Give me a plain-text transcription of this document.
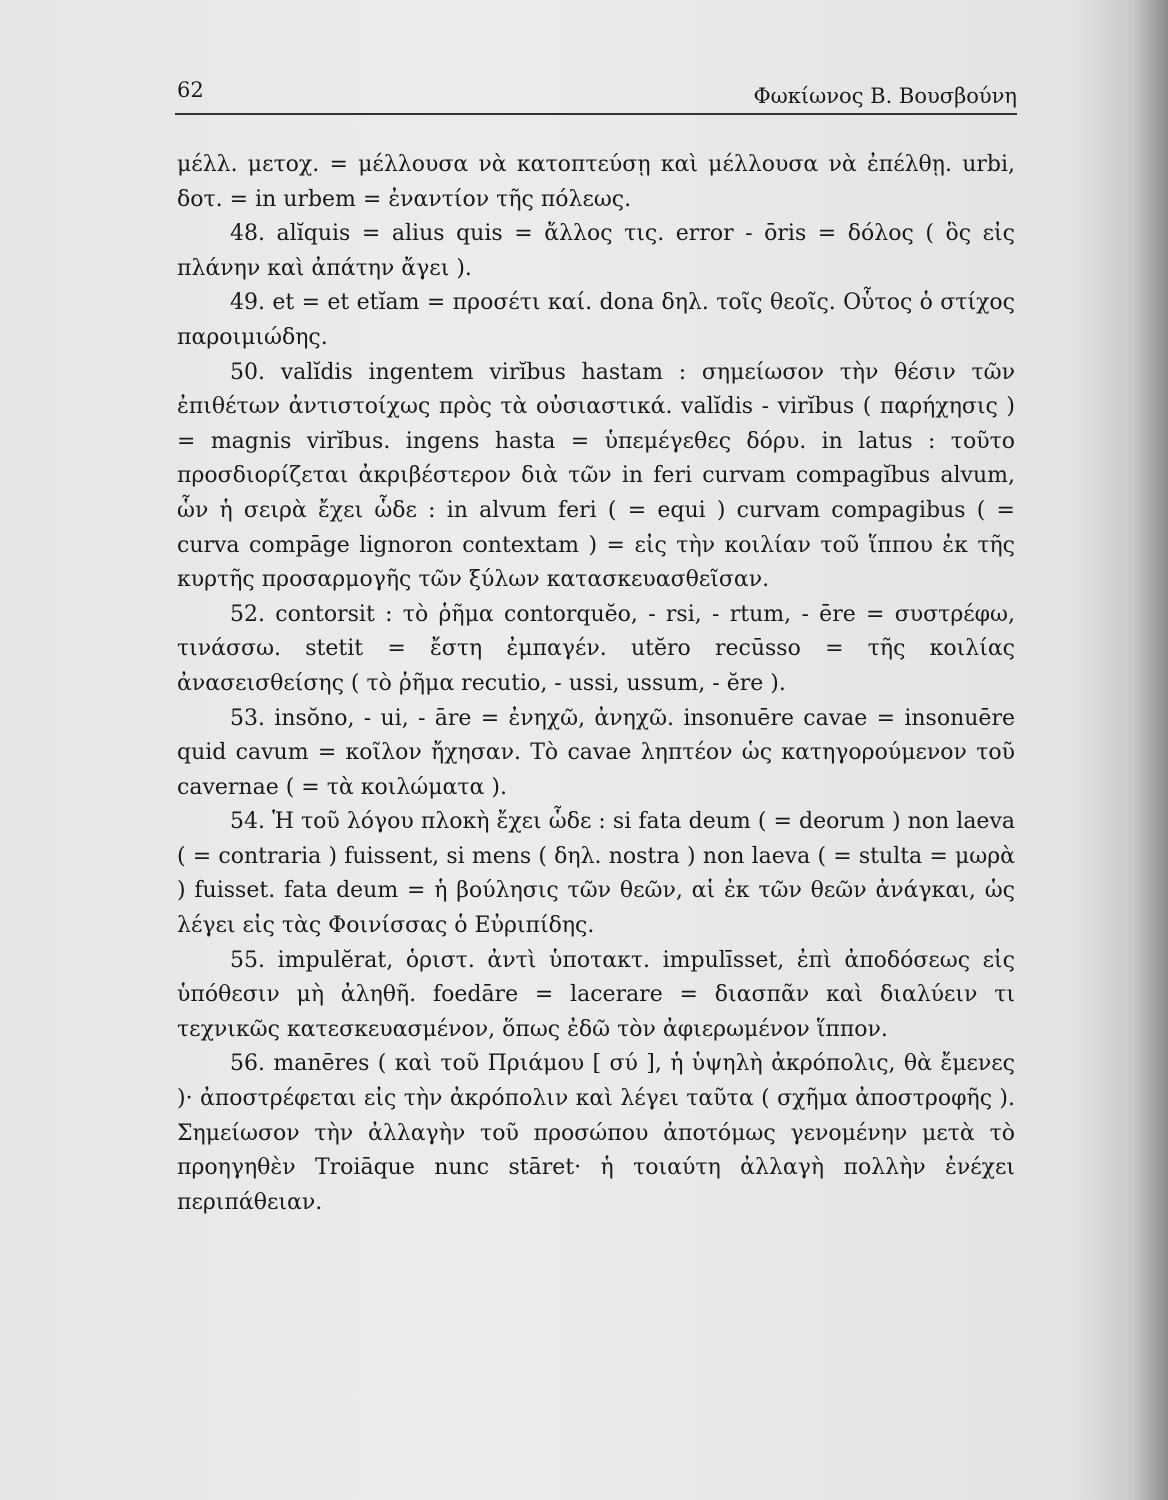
62	Φωκίωνος Β. Βουσβούνη

μέλλ. μετοχ. = μέλλουσα νὰ κατοπτεύσῃ καὶ μέλλουσα νὰ ἐπέλθῃ. urbi, δοτ. = in urbem = ἐναντίον τῆς πόλεως.

48. alĭquis = alius quis = ἄλλος τις. error - ōris = δόλος ( ὃς εἰς πλάνην καὶ ἀπάτην ἄγει ).

49. et = et etĭam = προσέτι καί. dona δηλ. τοῖς θεοῖς. Οὗτος ὁ στίχος παροιμιώδης.

50. valĭdis ingentem virĭbus hastam : σημείωσον τὴν θέσιν τῶν ἐπιθέτων ἀντιστοίχως πρὸς τὰ οὐσιαστικά. valĭdis - virĭbus ( παρήχησις ) = magnis virĭbus. ingens hasta = ὑπεμέγεθες δόρυ. in latus : τοῦτο προσδιορίζεται ἀκριβέστερον διὰ τῶν in feri curvam compagĭbus alvum, ὧν ἡ σειρὰ ἔχει ὧδε : in alvum feri ( = equi ) curvam compagibus ( = curva compāge lignoron contextam ) = εἰς τὴν κοιλίαν τοῦ ἵππου ἐκ τῆς κυρτῆς προσαρμογῆς τῶν ξύλων κατασκευασθεῖσαν.

52. contorsit : τὸ ῥῆμα contorquĕo, - rsi, - rtum, - ēre = συστρέφω, τινάσσω. stetit = ἔστη ἐμπαγέν. utĕro recūsso = τῆς κοιλίας ἀνασεισθείσης ( τὸ ῥῆμα recutio, - ussi, ussum, - ĕre ).

53. insŏno, - ui, - āre = ἐνηχῶ, ἀνηχῶ. insonuēre cavae = insonuēre quid cavum = κοῖλον ἤχησαν. Τὸ cavae ληπτέον ὡς κατηγορούμενον τοῦ cavernae ( = τὰ κοιλώματα ).

54. Ἡ τοῦ λόγου πλοκὴ ἔχει ὧδε : si fata deum ( = deorum ) non laeva ( = contraria ) fuissent, si mens ( δηλ. nostra ) non laeva ( = stulta = μωρὰ ) fuisset. fata deum = ἡ βούλησις τῶν θεῶν, αἱ ἐκ τῶν θεῶν ἀνάγκαι, ὡς λέγει εἰς τὰς Φοινίσσας ὁ Εὐριπίδης.

55. impulĕrat, ὁριστ. ἀντὶ ὑποτακτ. impulīsset, ἐπὶ ἀποδόσεως εἰς ὑπόθεσιν μὴ ἀληθῆ. foedāre = lacerare = διασπᾶν καὶ διαλύειν τι τεχνικῶς κατεσκευασμένον, ὅπως ἐδῶ τὸν ἀφιερωμένον ἵππον.

56. manēres ( καὶ τοῦ Πριάμου [ σύ ], ἡ ὑψηλὴ ἀκρόπολις, θὰ ἔμενες )· ἀποστρέφεται εἰς τὴν ἀκρόπολιν καὶ λέγει ταῦτα ( σχῆμα ἀποστροφῆς ). Σημείωσον τὴν ἀλλαγὴν τοῦ προσώπου ἀποτόμως γενομένην μετὰ τὸ προηγηθὲν Troiāque nunc stāret· ἡ τοιαύτη ἀλλαγὴ πολλὴν ἐνέχει περιπάθειαν.
